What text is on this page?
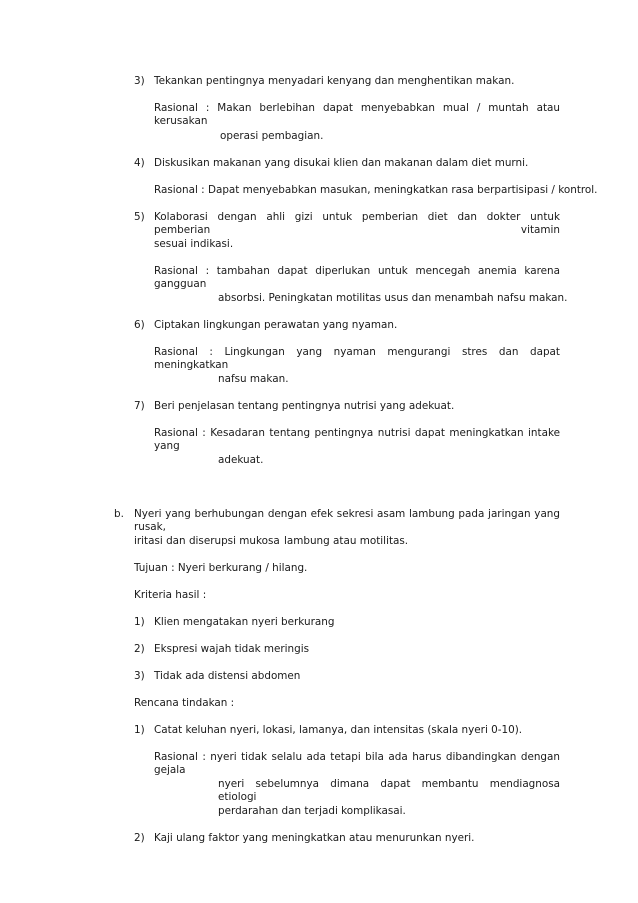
3) Tekankan pentingnya menyadari kenyang dan menghentikan makan.
Rasional : Makan berlebihan dapat menyebabkan mual / muntah atau kerusakan
operasi pembagian.
4) Diskusikan makanan yang disukai klien dan makanan dalam diet murni.
Rasional : Dapat menyebabkan masukan, meningkatkan rasa berpartisipasi / kontrol.
5) Kolaborasi dengan ahli gizi untuk pemberian diet dan dokter untuk pemberian vitamin
sesuai indikasi.
Rasional : tambahan dapat diperlukan untuk mencegah anemia karena gangguan
absorbsi. Peningkatan motilitas usus dan menambah nafsu makan.
6) Ciptakan lingkungan perawatan yang nyaman.
Rasional : Lingkungan yang nyaman mengurangi stres dan dapat meningkatkan
nafsu makan.
7) Beri penjelasan tentang pentingnya nutrisi yang adekuat.
Rasional : Kesadaran tentang pentingnya nutrisi dapat meningkatkan intake yang
adekuat.
b. Nyeri yang berhubungan dengan efek sekresi asam lambung pada jaringan yang rusak,
iritasi dan diserupsi mukosa lambung atau motilitas.
Tujuan : Nyeri berkurang / hilang.
Kriteria hasil :
1) Klien mengatakan nyeri berkurang
2) Ekspresi wajah tidak meringis
3) Tidak ada distensi abdomen
Rencana tindakan :
1) Catat keluhan nyeri, lokasi, lamanya, dan intensitas (skala nyeri 0-10).
Rasional : nyeri tidak selalu ada tetapi bila ada harus dibandingkan dengan gejala
nyeri sebelumnya dimana dapat membantu mendiagnosa etiologi
perdarahan dan terjadi komplikasai.
2) Kaji ulang faktor yang meningkatkan atau menurunkan nyeri.
